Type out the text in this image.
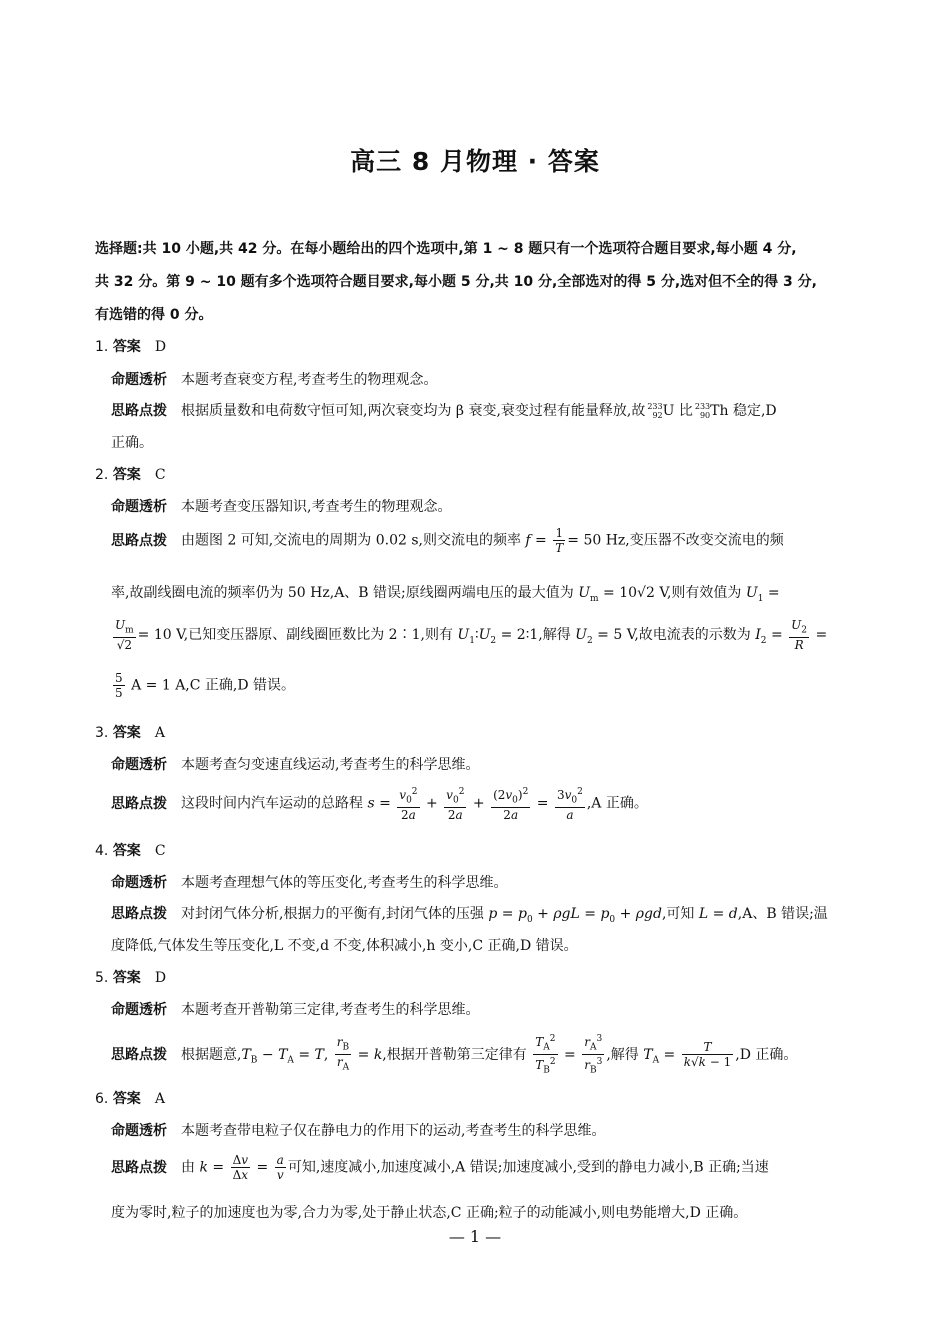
高三 8 月物理 · 答案
选择题:共 10 小题,共 42 分。在每小题给出的四个选项中,第 1 ~ 8 题只有一个选项符合题目要求,每小题 4 分,
共 32 分。第 9 ~ 10 题有多个选项符合题目要求,每小题 5 分,共 10 分,全部选对的得 5 分,选对但不全的得 3 分,
有选错的得 0 分。
1. 答案 D
命题透析 本题考查衰变方程,考查考生的物理观念。
思路点拨 根据质量数和电荷数守恒可知,两次衰变均为 β 衰变,衰变过程有能量释放,故 233
92 U 比 233
90 Th 稳定,D
正确。
2. 答案 C
命题透析 本题考查变压器知识,考查考生的物理观念。
思路点拨 由题图 2 可知,交流电的周期为 0.02 s,则交流电的频率 $f = \frac{1}{T} = 50$ Hz,变压器不改变交流电的频
率,故副线圈电流的频率仍为 50 Hz,A、B 错误;原线圈两端电压的最大值为 $U_m = 10√2$ V,则有效值为 $U_1$ =
$\frac{U_m}{√2} = 10$ V,已知变压器原、副线圈匝数比为 2∶1,则有 $U_1∶U_2$ = 2∶1,解得 $U_2 = 5$ V,故电流表的示数为 $I_2 = \frac{U_2}{R}$ =
$\frac{5}{5}$ A = 1 A,C 正确,D 错误。
3. 答案 A
命题透析 本题考查匀变速直线运动,考查考生的科学思维。
思路点拨 这段时间内汽车运动的总路程 $s = \frac{v_0^2}{2a} + \frac{v_0^2}{2a} + \frac{(2v_0)^2}{2a} = \frac{3v_0^2}{a} ,A$ 正确。
4. 答案 C
命题透析 本题考查理想气体的等压变化,考查考生的科学思维。
思路点拨 对封闭气体分析,根据力的平衡有,封闭气体的压强 $p = p_0 + \rho gL = p_0 + \rho gd$,可知 L = d,A、B 错误;温
度降低,气体发生等压变化,L 不变,d 不变,体积减小,h 变小,C 正确,D 错误。
5. 答案 D
命题透析 本题考查开普勒第三定律,考查考生的科学思维。
思路点拨 根据题意$,T_B - T_A = T$, $\frac{r_B}{r_A} = k$,根据开普勒第三定律有 $\frac{T_A^2}{T_B^2} = \frac{r_A^3}{r_B^3}$ ,解得 $T_A = \frac{T}{k√k - 1} ,D$ 正确。
6. 答案 A
命题透析 本题考查带电粒子仅在静电力的作用下的运动,考查考生的科学思维。
思路点拨 由 $k = \frac{\Delta v}{\Delta x} = \frac{a}{v}$ 可知,速度减小,加速度减小,A 错误;加速度减小,受到的静电力减小,B 正确;当速
度为零时,粒子的加速度也为零,合力为零,处于静止状态,C 正确;粒子的动能减小,则电势能增大,D 正确。
— 1 —
